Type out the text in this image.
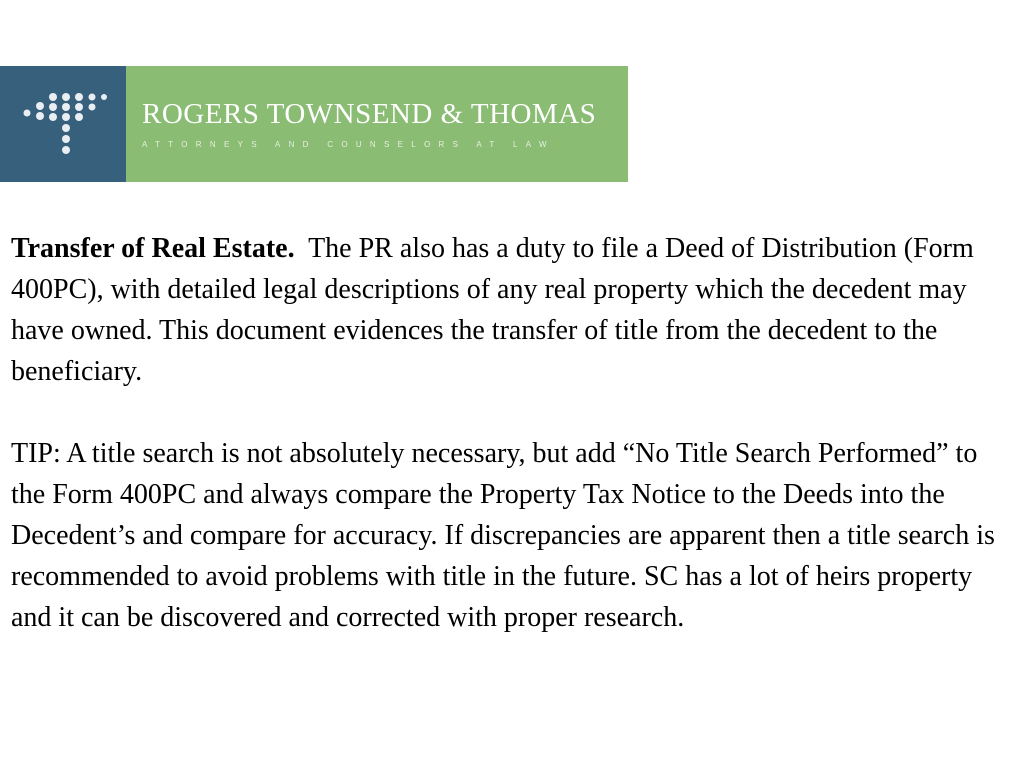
ROGERS TOWNSEND & THOMAS
ATTORNEYS AND COUNSELORS AT LAW

Transfer of Real Estate. The PR also has a duty to file a Deed of Distribution (Form 400PC), with detailed legal descriptions of any real property which the decedent may have owned. This document evidences the transfer of title from the decedent to the beneficiary.

TIP: A title search is not absolutely necessary, but add “No Title Search Performed” to the Form 400PC and always compare the Property Tax Notice to the Deeds into the Decedent’s and compare for accuracy. If discrepancies are apparent then a title search is recommended to avoid problems with title in the future. SC has a lot of heirs property and it can be discovered and corrected with proper research.
